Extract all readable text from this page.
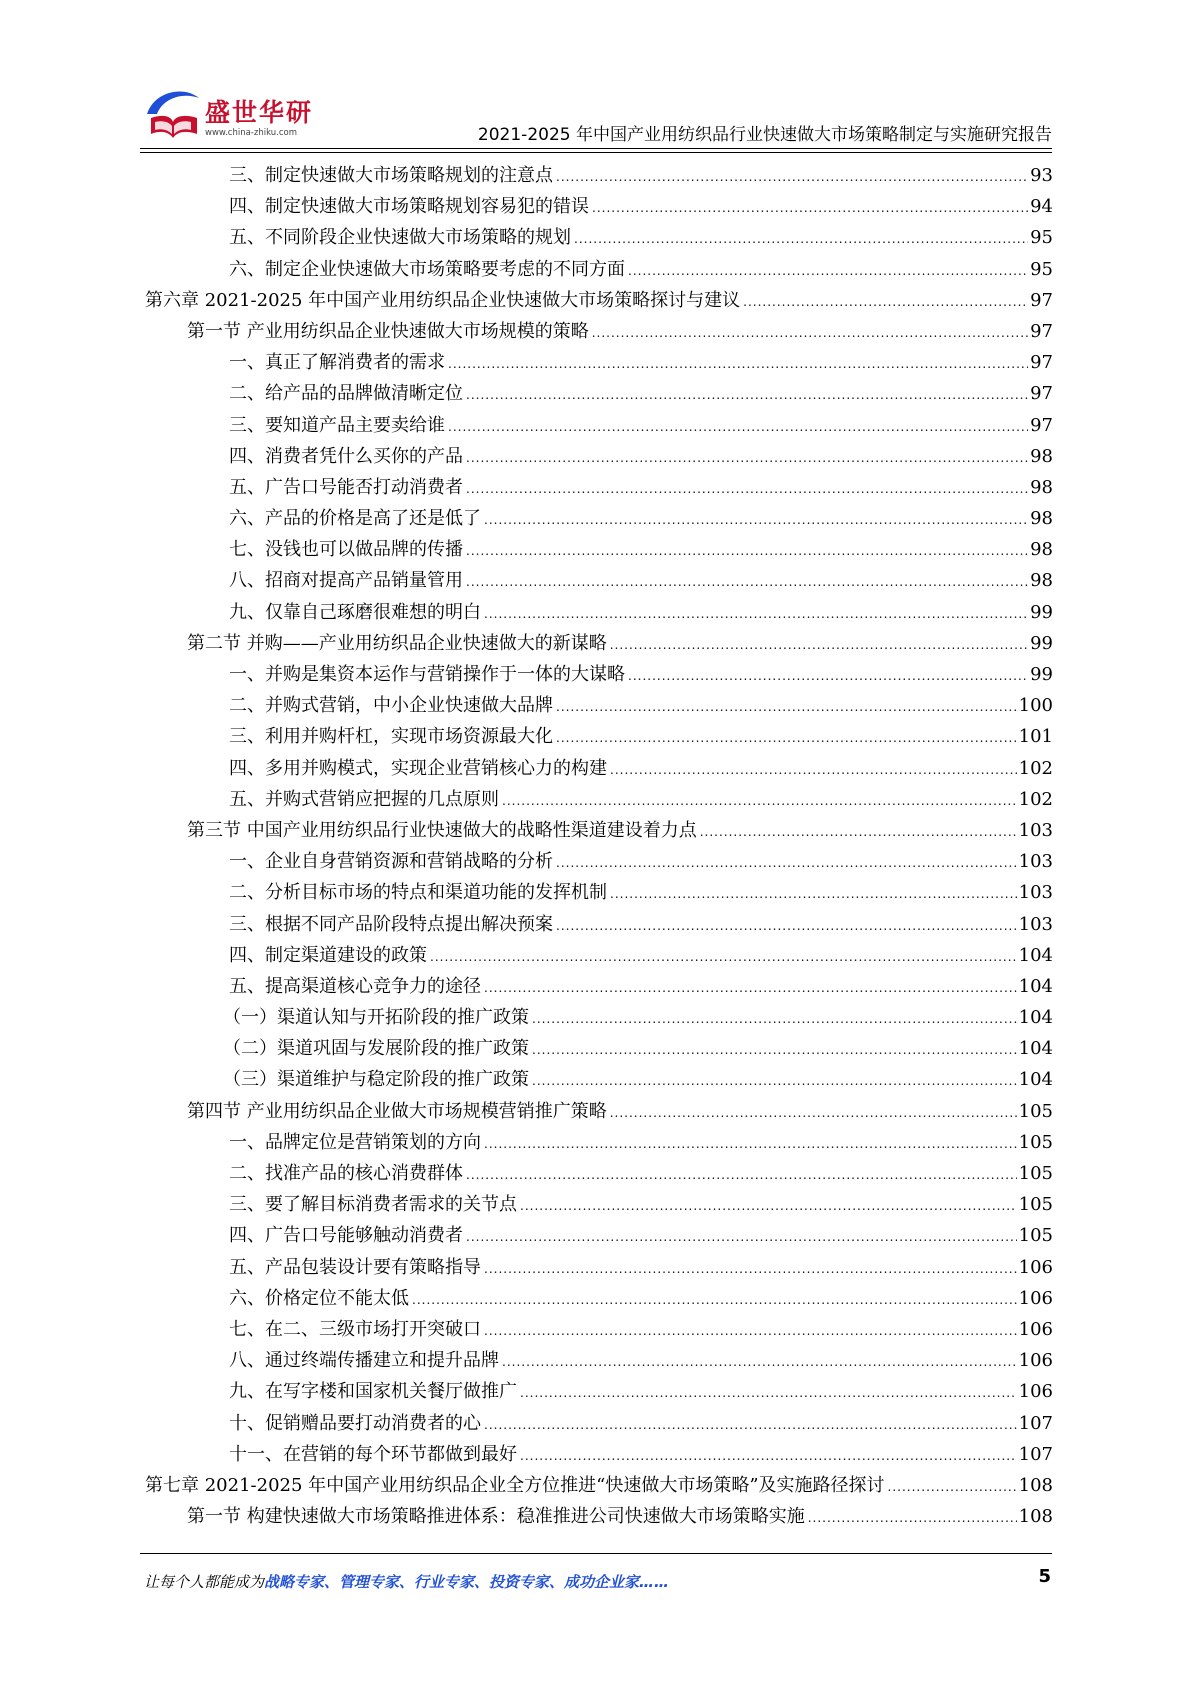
盛世华研
www.china-zhiku.com	2021-2025 年中国产业用纺织品行业快速做大市场策略制定与实施研究报告
三、制定快速做大市场策略规划的注意点 .....	93
四、制定快速做大市场策略规划容易犯的错误 .....	94
五、不同阶段企业快速做大市场策略的规划 .....	95
六、制定企业快速做大市场策略要考虑的不同方面 .....	95
第六章 2021-2025 年中国产业用纺织品企业快速做大市场策略探讨与建议 .....	97
第一节 产业用纺织品企业快速做大市场规模的策略 .....	97
一、真正了解消费者的需求 .....	97
二、给产品的品牌做清晰定位 .....	97
三、要知道产品主要卖给谁 .....	97
四、消费者凭什么买你的产品 .....	98
五、广告口号能否打动消费者 .....	98
六、产品的价格是高了还是低了 .....	98
七、没钱也可以做品牌的传播 .....	98
八、招商对提高产品销量管用 .....	98
九、仅靠自己琢磨很难想的明白 .....	99
第二节 并购——产业用纺织品企业快速做大的新谋略 .....	99
一、并购是集资本运作与营销操作于一体的大谋略 .....	99
二、并购式营销，中小企业快速做大品牌 .....	100
三、利用并购杆杠，实现市场资源最大化 .....	101
四、多用并购模式，实现企业营销核心力的构建 .....	102
五、并购式营销应把握的几点原则 .....	102
第三节 中国产业用纺织品行业快速做大的战略性渠道建设着力点 .....	103
一、企业自身营销资源和营销战略的分析 .....	103
二、分析目标市场的特点和渠道功能的发挥机制 .....	103
三、根据不同产品阶段特点提出解决预案 .....	103
四、制定渠道建设的政策 .....	104
五、提高渠道核心竞争力的途径 .....	104
（一）渠道认知与开拓阶段的推广政策 .....	104
（二）渠道巩固与发展阶段的推广政策 .....	104
（三）渠道维护与稳定阶段的推广政策 .....	104
第四节 产业用纺织品企业做大市场规模营销推广策略 .....	105
一、品牌定位是营销策划的方向 .....	105
二、找准产品的核心消费群体 .....	105
三、要了解目标消费者需求的关节点 .....	105
四、广告口号能够触动消费者 .....	105
五、产品包装设计要有策略指导 .....	106
六、价格定位不能太低 .....	106
七、在二、三级市场打开突破口 .....	106
八、通过终端传播建立和提升品牌 .....	106
九、在写字楼和国家机关餐厅做推广 .....	106
十、促销赠品要打动消费者的心 .....	107
十一、在营销的每个环节都做到最好 .....	107
第七章 2021-2025 年中国产业用纺织品企业全方位推进“快速做大市场策略”及实施路径探讨 .....	108
第一节 构建快速做大市场策略推进体系：稳准推进公司快速做大市场策略实施 .....	108
让每个人都能成为战略专家、管理专家、行业专家、投资专家、成功企业家……	5
